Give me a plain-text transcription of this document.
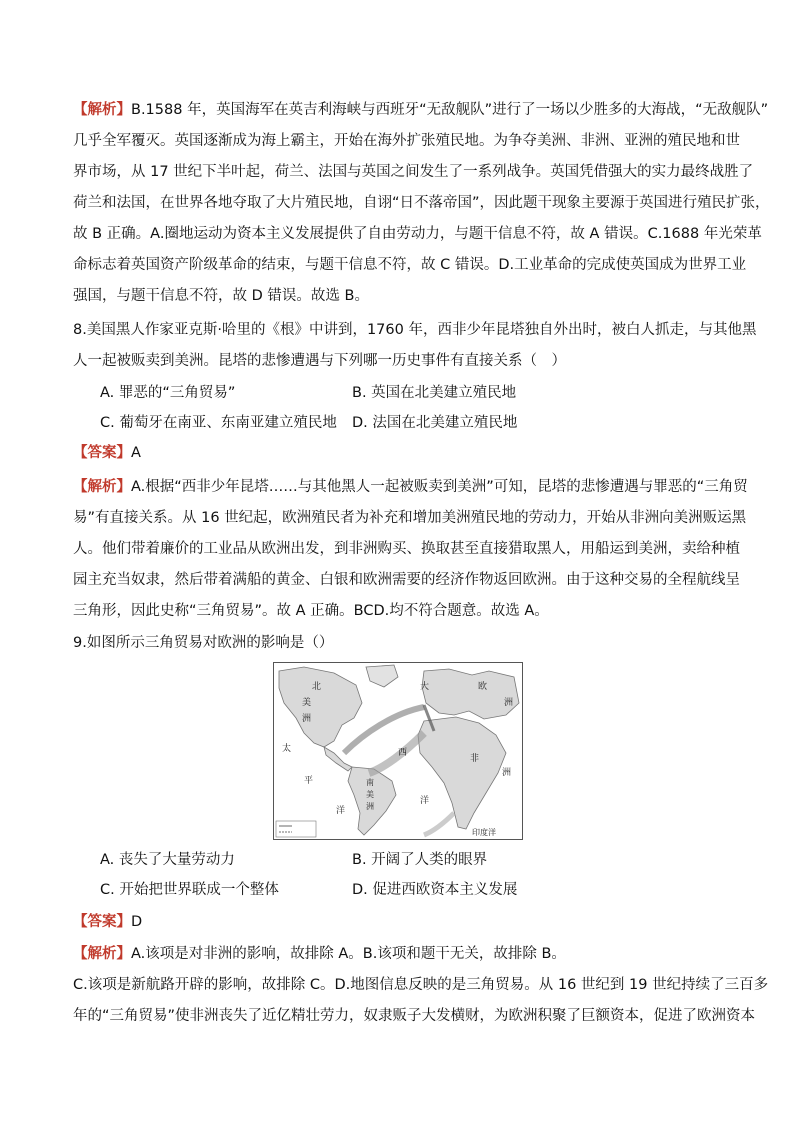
【解析】B.1588 年，英国海军在英吉利海峡与西班牙“无敌舰队”进行了一场以少胜多的大海战，“无敌舰队”
几乎全军覆灭。英国逐渐成为海上霸主，开始在海外扩张殖民地。为争夺美洲、非洲、亚洲的殖民地和世
界市场，从 17 世纪下半叶起，荷兰、法国与英国之间发生了一系列战争。英国凭借强大的实力最终战胜了
荷兰和法国，在世界各地夺取了大片殖民地，自诩“日不落帝国”，因此题干现象主要源于英国进行殖民扩张，
故 B 正确。A.圈地运动为资本主义发展提供了自由劳动力，与题干信息不符，故 A 错误。C.1688 年光荣革
命标志着英国资产阶级革命的结束，与题干信息不符，故 C 错误。D.工业革命的完成使英国成为世界工业
强国，与题干信息不符，故 D 错误。故选 B。
8.美国黑人作家亚克斯·哈里的《根》中讲到，1760 年，西非少年昆塔独自外出时，被白人抓走，与其他黑
人一起被贩卖到美洲。昆塔的悲惨遭遇与下列哪一历史事件有直接关系（　）
A. 罪恶的“三角贸易”	B. 英国在北美建立殖民地
C. 葡萄牙在南亚、东南亚建立殖民地 D. 法国在北美建立殖民地
【答案】A
【解析】A.根据“西非少年昆塔……与其他黑人一起被贩卖到美洲”可知，昆塔的悲惨遭遇与罪恶的“三角贸
易”有直接关系。从 16 世纪起，欧洲殖民者为补充和增加美洲殖民地的劳动力，开始从非洲向美洲贩运黑
人。他们带着廉价的工业品从欧洲出发，到非洲购买、换取甚至直接猎取黑人，用船运到美洲，卖给种植
园主充当奴隶，然后带着满船的黄金、白银和欧洲需要的经济作物返回欧洲。由于这种交易的全程航线呈
三角形，因此史称“三角贸易”。故 A 正确。BCD.均不符合题意。故选 A。
9.如图所示三角贸易对欧洲的影响是（）
北
美
洲
大
太
平
洋
西
南
美
洲
欧
洲
非
洲
洋
印度洋
A. 丧失了大量劳动力	B. 开阔了人类的眼界
C. 开始把世界联成一个整体	D. 促进西欧资本主义发展
【答案】D
【解析】A.该项是对非洲的影响，故排除 A。B.该项和题干无关，故排除 B。
C.该项是新航路开辟的影响，故排除 C。D.地图信息反映的是三角贸易。从 16 世纪到 19 世纪持续了三百多
年的“三角贸易”使非洲丧失了近亿精壮劳力，奴隶贩子大发横财，为欧洲积聚了巨额资本，促进了欧洲资本
